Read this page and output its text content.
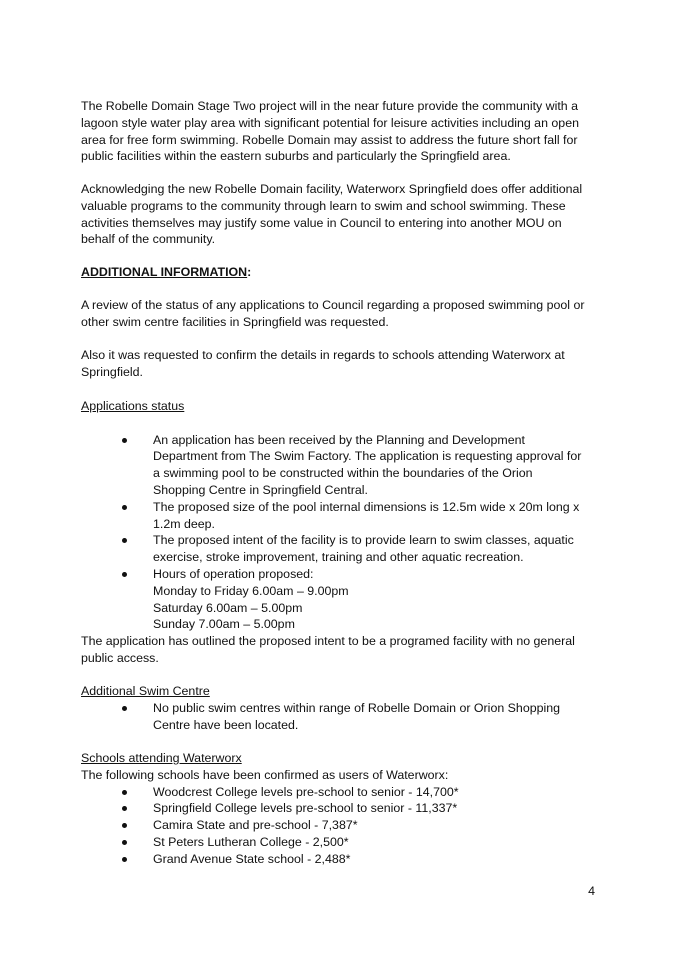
The Robelle Domain Stage Two project will in the near future provide the community with a

lagoon style water play area with significant potential for leisure activities including an open

area for free form swimming. Robelle Domain may assist to address the future short fall for

public facilities within the eastern suburbs and particularly the Springfield area.

Acknowledging the new Robelle Domain facility, Waterworx Springfield does offer additional

valuable programs to the community through learn to swim and school swimming. These

activities themselves may justify some value in Council to entering into another MOU on

behalf of the community.

ADDITIONAL INFORMATION:

A review of the status of any applications to Council regarding a proposed swimming pool or

other swim centre facilities in Springfield was requested.

Also it was requested to confirm the details in regards to schools attending Waterworx at

Springfield.

Applications status

An application has been received by the Planning and Development
Department from The Swim Factory. The application is requesting approval for
a swimming pool to be constructed within the boundaries of the Orion
Shopping Centre in Springfield Central.
The proposed size of the pool internal dimensions is 12.5m wide x 20m long x
1.2m deep.
The proposed intent of the facility is to provide learn to swim classes, aquatic
exercise, stroke improvement, training and other aquatic recreation.
Hours of operation proposed:
Monday to Friday 6.00am – 9.00pm
Saturday 6.00am – 5.00pm
Sunday 7.00am – 5.00pm

The application has outlined the proposed intent to be a programed facility with no general

public access.

Additional Swim Centre

No public swim centres within range of Robelle Domain or Orion Shopping
Centre have been located.

Schools attending Waterworx

The following schools have been confirmed as users of Waterworx:

Woodcrest College levels pre-school to senior - 14,700*
Springfield College levels pre-school to senior - 11,337*
Camira State and pre-school - 7,387*
St Peters Lutheran College - 2,500*
Grand Avenue State school - 2,488*
4
